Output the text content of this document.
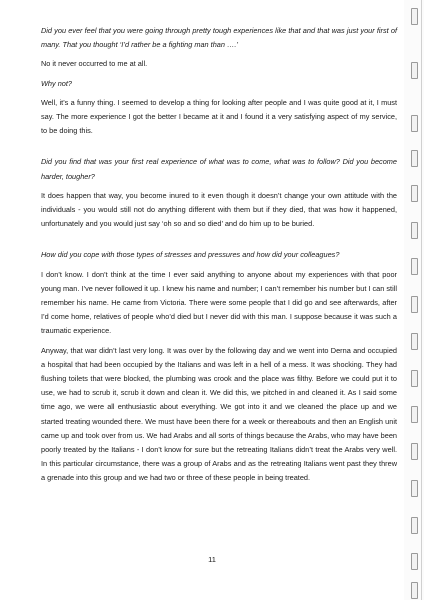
Did you ever feel that you were going through pretty tough experiences like that and that was just your first of many. That you thought ‘I’d rather be a fighting man than ….’

No it never occurred to me at all.

Why not?

Well, it’s a funny thing. I seemed to develop a thing for looking after people and I was quite good at it, I must say. The more experience I got the better I became at it and I found it a very satisfying aspect of my service, to be doing this.

Did you find that was your first real experience of what was to come, what was to follow? Did you become harder, tougher?

It does happen that way, you become inured to it even though it doesn’t change your own attitude with the individuals - you would still not do anything different with them but if they died, that was how it happened, unfortunately and you would just say ‘oh so and so died’ and do him up to be buried.

How did you cope with those types of stresses and pressures and how did your colleagues?

I don’t know. I don’t think at the time I ever said anything to anyone about my experiences with that poor young man. I’ve never followed it up. I knew his name and number; I can’t remember his number but I can still remember his name. He came from Victoria. There were some people that I did go and see afterwards, after I’d come home, relatives of people who’d died but I never did with this man. I suppose because it was such a traumatic experience.

Anyway, that war didn’t last very long. It was over by the following day and we went into Derna and occupied a hospital that had been occupied by the Italians and was left in a hell of a mess. It was shocking. They had flushing toilets that were blocked, the plumbing was crook and the place was filthy. Before we could put it to use, we had to scrub it, scrub it down and clean it. We did this, we pitched in and cleaned it. As I said some time ago, we were all enthusiastic about everything. We got into it and we cleaned the place up and we started treating wounded there. We must have been there for a week or thereabouts and then an English unit came up and took over from us. We had Arabs and all sorts of things because the Arabs, who may have been poorly treated by the Italians - I don’t know for sure but the retreating Italians didn’t treat the Arabs very well. In this particular circumstance, there was a group of Arabs and as the retreating Italians went past they threw a grenade into this group and we had two or three of these people in being treated.

11
